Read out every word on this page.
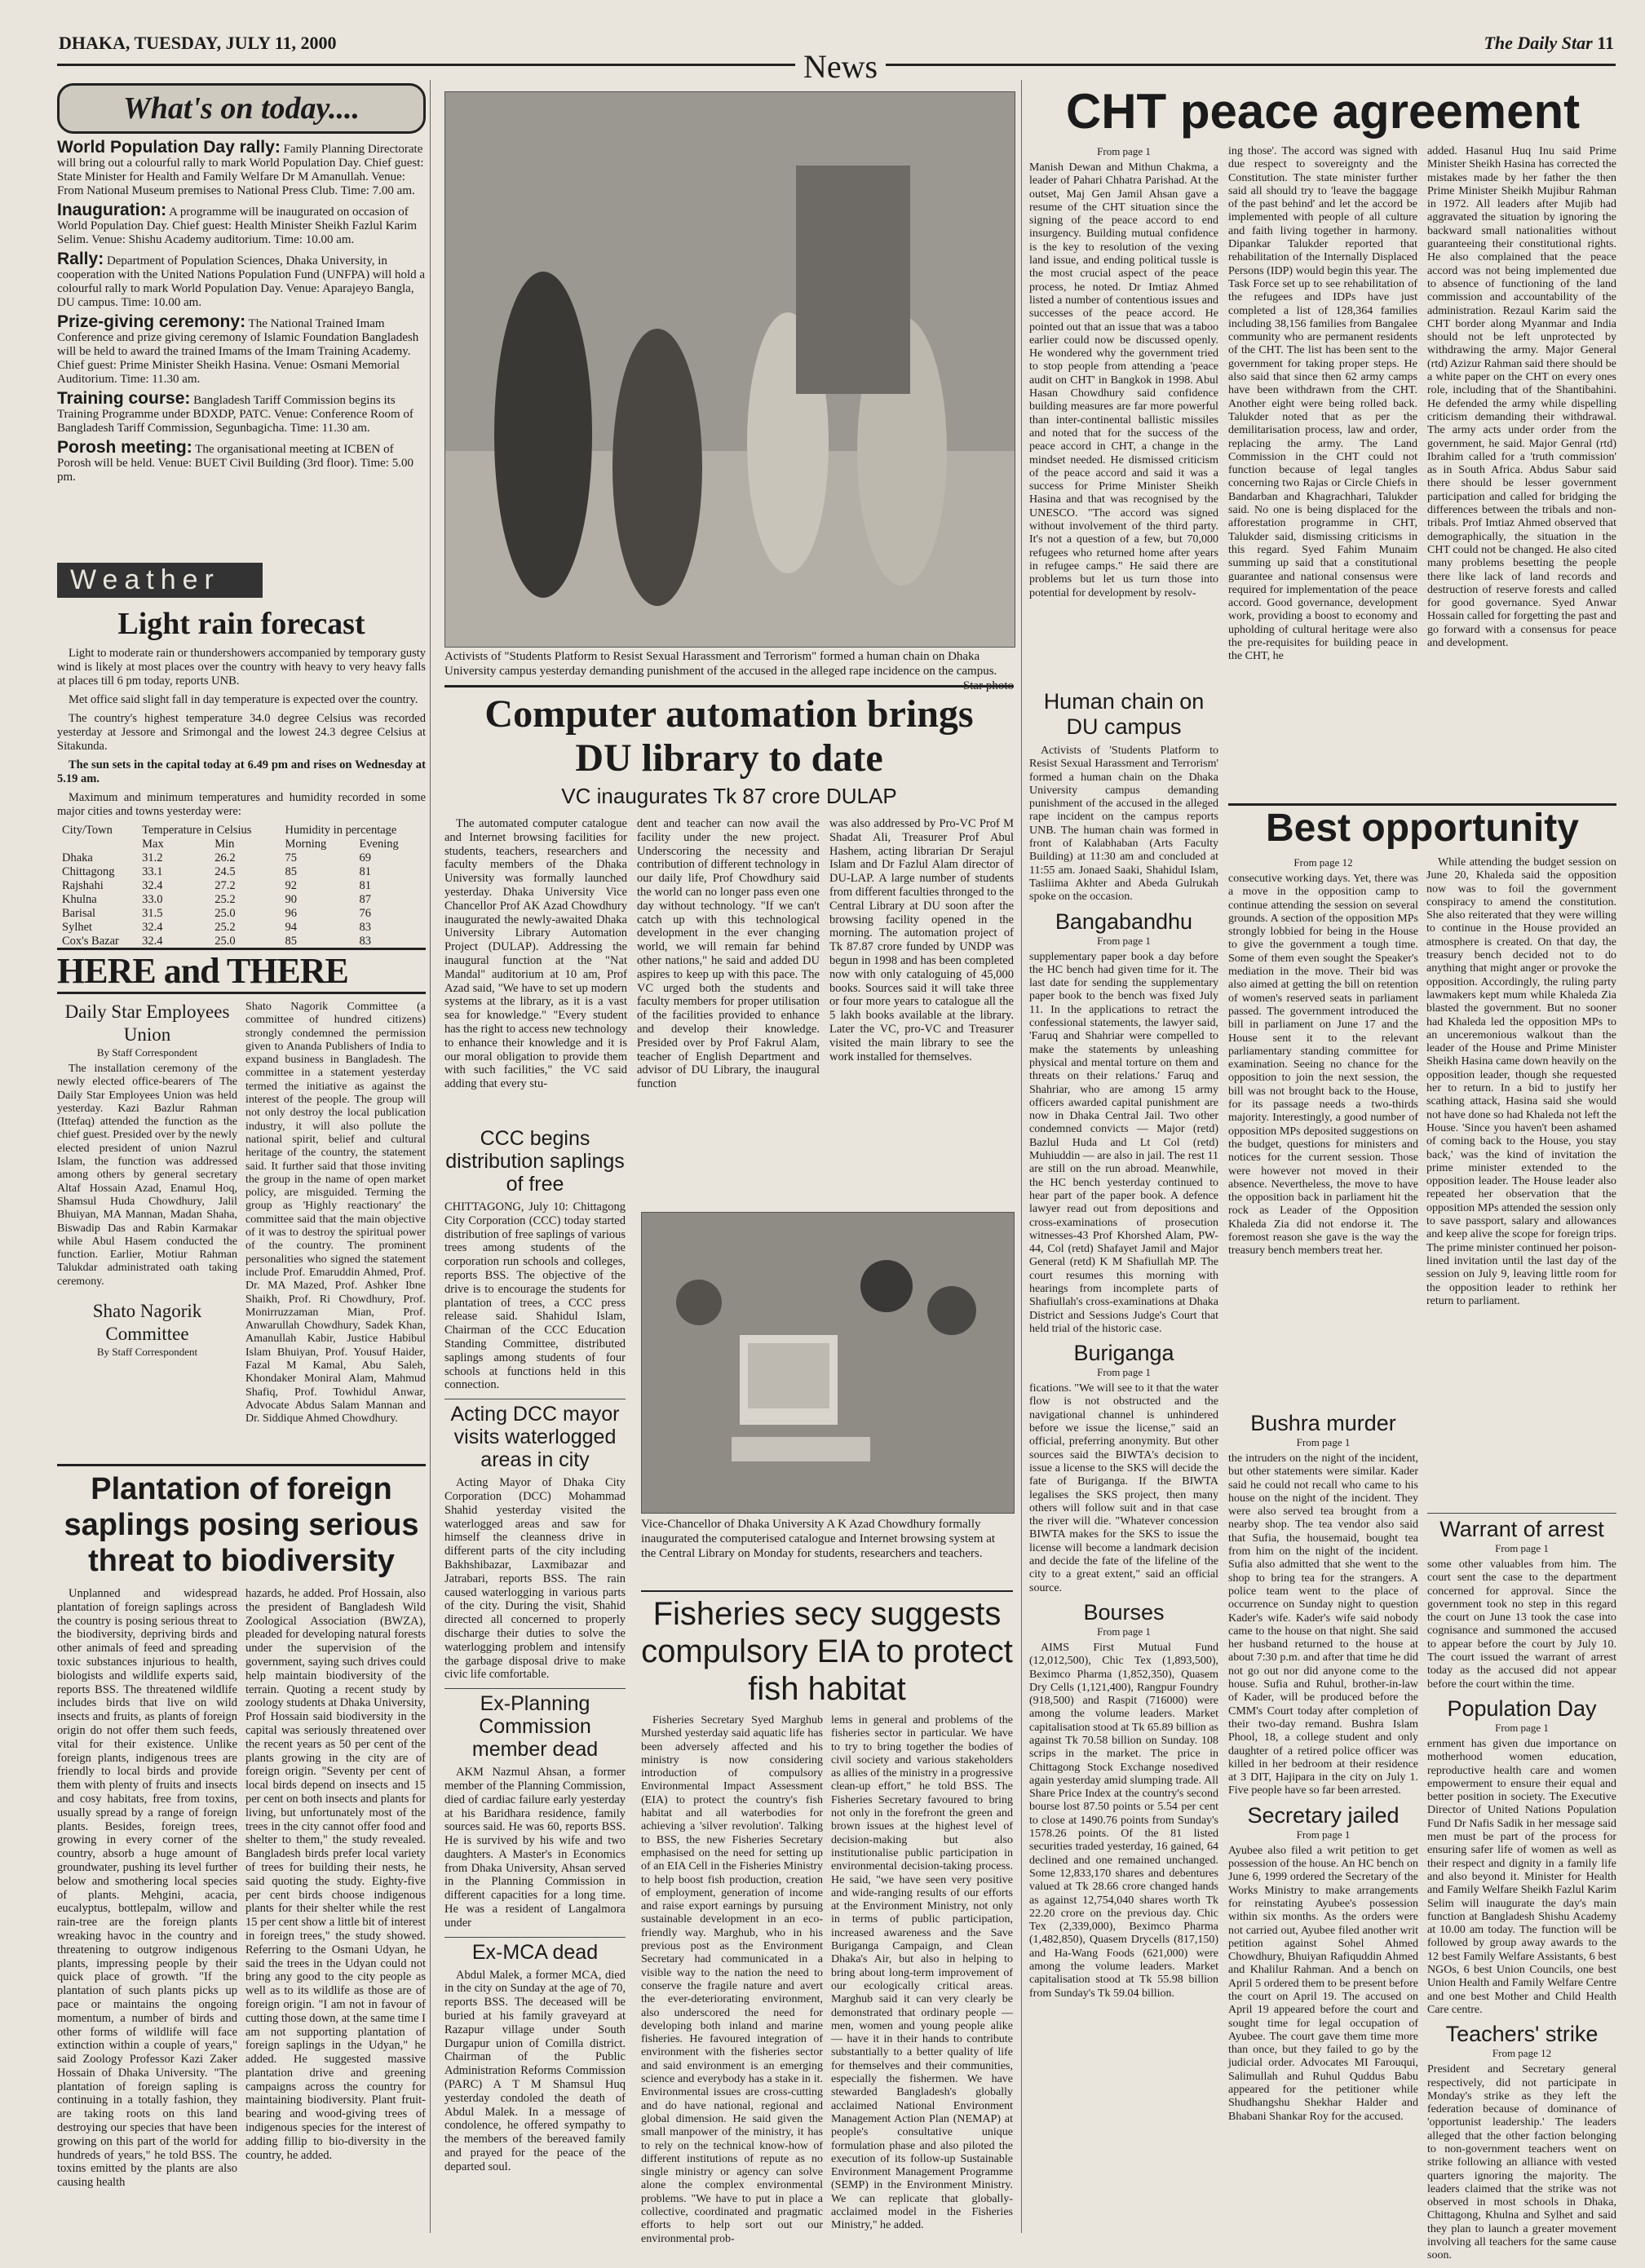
DHAKA, TUESDAY, JULY 11, 2000
News
The Daily Star 11
What's on today....
World Population Day rally: Family Planning Directorate will bring out a colourful rally to mark World Population Day. Chief guest: State Minister for Health and Family Welfare Dr M Amanullah. Venue: From National Museum premises to National Press Club. Time: 7.00 am.
Inauguration: A programme will be inaugurated on occasion of World Population Day. Chief guest: Health Minister Sheikh Fazlul Karim Selim. Venue: Shishu Academy auditorium. Time: 10.00 am.
Rally: Department of Population Sciences, Dhaka University, in cooperation with the United Nations Population Fund (UNFPA) will hold a colourful rally to mark World Population Day. Venue: Aparajeyo Bangla, DU campus. Time: 10.00 am.
Prize-giving ceremony: The National Trained Imam Conference and prize giving ceremony of Islamic Foundation Bangladesh will be held to award the trained Imams of the Imam Training Academy. Chief guest: Prime Minister Sheikh Hasina. Venue: Osmani Memorial Auditorium. Time: 11.30 am.
Training course: Bangladesh Tariff Commission begins its Training Programme under BDXDP, PATC. Venue: Conference Room of Bangladesh Tariff Commission, Segunbagicha. Time: 11.30 am.
Porosh meeting: The organisational meeting at ICBEN of Porosh will be held. Venue: BUET Civil Building (3rd floor). Time: 5.00 pm.
Weather
Light rain forecast

Light to moderate rain or thundershowers accompanied by temporary gusty wind is likely at most places over the country with heavy to very heavy falls at places till 6 pm today, reports UNB.

Met office said slight fall in day temperature is expected over the country.

The country's highest temperature 34.0 degree Celsius was recorded yesterday at Jessore and Srimongal and the lowest 24.3 degree Celsius at Sitakunda.

The sun sets in the capital today at 6.49 pm and rises on Wednesday at 5.19 am.

Maximum and minimum temperatures and humidity recorded in some major cities and towns yesterday were:

City/Town	Temperature in Celsius		Humidity in percentage	
	Max	Min	Morning	Evening
Dhaka	31.2	26.2	75	69
Chittagong	33.1	24.5	85	81
Rajshahi	32.4	27.2	92	81
Khulna	33.0	25.2	90	87
Barisal	31.5	25.0	96	76
Sylhet	32.4	25.2	94	83
Cox's Bazar	32.4	25.0	85	83
HERE and THERE
Daily Star Employees Union
By Staff Correspondent

The installation ceremony of the newly elected office-bearers of The Daily Star Employees Union was held yesterday. Kazi Bazlur Rahman (Ittefaq) attended the function as the chief guest. Presided over by the newly elected president of union Nazrul Islam, the function was addressed among others by general secretary Altaf Hossain Azad, Enamul Hoq, Shamsul Huda Chowdhury, Jalil Bhuiyan, MA Mannan, Madan Shaha, Biswadip Das and Rabin Karmakar while Abul Hasem conducted the function. Earlier, Motiur Rahman Talukdar administrated oath taking ceremony.

Shato Nagorik Committee
By Staff Correspondent

Shato Nagorik Committee (a committee of hundred citizens) strongly condemned the permission given to Ananda Publishers of India to expand business in Bangladesh. The committee in a statement yesterday termed the initiative as against the interest of the people. The group will not only destroy the local publication industry, it will also pollute the national spirit, belief and cultural heritage of the country, the statement said. It further said that those inviting the group in the name of open market policy, are misguided. Terming the group as 'Highly reactionary' the committee said that the main objective of it was to destroy the spiritual power of the country. The prominent personalities who signed the statement include Prof. Emaruddin Ahmed, Prof. Dr. MA Mazed, Prof. Ashker Ibne Shaikh, Prof. Ri Chowdhury, Prof. Monirruzzaman Mian, Prof. Anwarullah Chowdhury, Sadek Khan, Amanullah Kabir, Justice Habibul Islam Bhuiyan, Prof. Yousuf Haider, Fazal M Kamal, Abu Saleh, Khondaker Moniral Alam, Mahmud Shafiq, Prof. Towhidul Anwar, Advocate Abdus Salam Mannan and Dr. Siddique Ahmed Chowdhury.

Plantation of foreign saplings posing serious threat to biodiversity

Unplanned and widespread plantation of foreign saplings across the country is posing serious threat to the biodiversity, depriving birds and other animals of feed and spreading toxic substances injurious to health, biologists and wildlife experts said, reports BSS. The threatened wildlife includes birds that live on wild insects and fruits, as plants of foreign origin do not offer them such feeds, vital for their existence. Unlike foreign plants, indigenous trees are friendly to local birds and provide them with plenty of fruits and insects and cosy habitats, free from toxins, usually spread by a range of foreign plants. Besides, foreign trees, growing in every corner of the country, absorb a huge amount of groundwater, pushing its level further below and smothering local species of plants. Mehgini, acacia, eucalyptus, bottlepalm, willow and rain-tree are the foreign plants wreaking havoc in the country and threatening to outgrow indigenous plants, impressing people by their quick place of growth. "If the plantation of such plants picks up pace or maintains the ongoing momentum, a number of birds and other forms of wildlife will face extinction within a couple of years," said Zoology Professor Kazi Zaker Hossain of Dhaka University. "The plantation of foreign sapling is continuing in a totally fashion, they are taking roots on this land destroying our species that have been growing on this part of the world for hundreds of years," he told BSS. The toxins emitted by the plants are also causing health

hazards, he added. Prof Hossain, also the president of Bangladesh Wild Zoological Association (BWZA), pleaded for developing natural forests under the supervision of the government, saying such drives could help maintain biodiversity of the terrain. Quoting a recent study by zoology students at Dhaka University, Prof Hossain said biodiversity in the capital was seriously threatened over the recent years as 50 per cent of the plants growing in the city are of foreign origin. "Seventy per cent of local birds depend on insects and 15 per cent on both insects and plants for living, but unfortunately most of the trees in the city cannot offer food and shelter to them," the study revealed. Bangladesh birds prefer local variety of trees for building their nests, he said quoting the study. Eighty-five per cent birds choose indigenous plants for their shelter while the rest 15 per cent show a little bit of interest in foreign trees," the study showed. Referring to the Osmani Udyan, he said the trees in the Udyan could not bring any good to the city people as well as to its wildlife as those are of foreign origin. "I am not in favour of cutting those down, at the same time I am not supporting plantation of foreign saplings in the Udyan," he added. He suggested massive plantation drive and greening campaigns across the country for maintaining biodiversity. Plant fruit-bearing and wood-giving trees of indigenous species for the interest of adding fillip to bio-diversity in the country, he added.

Activists of "Students Platform to Resist Sexual Harassment and Terrorism" formed a human chain on Dhaka University campus yesterday demanding punishment of the accused in the alleged rape incidence on the campus.
—Star photo
Computer automation brings DU library to date
VC inaugurates Tk 87 crore DULAP

The automated computer catalogue and Internet browsing facilities for students, teachers, researchers and faculty members of the Dhaka University was formally launched yesterday. Dhaka University Vice Chancellor Prof AK Azad Chowdhury inaugurated the newly-awaited Dhaka University Library Automation Project (DULAP). Addressing the inaugural function at the "Nat Mandal" auditorium at 10 am, Prof Azad said, "We have to set up modern systems at the library, as it is a vast sea for knowledge." "Every student has the right to access new technology to enhance their knowledge and it is our moral obligation to provide them with such facilities," the VC said adding that every stu-

dent and teacher can now avail the facility under the new project. Underscoring the necessity and contribution of different technology in our daily life, Prof Chowdhury said the world can no longer pass even one day without technology. "If we can't catch up with this technological development in the ever changing world, we will remain far behind other nations," he said and added DU aspires to keep up with this pace. The VC urged both the students and faculty members for proper utilisation of the facilities provided to enhance and develop their knowledge. Presided over by Prof Fakrul Alam, teacher of English Department and advisor of DU Library, the inaugural function

was also addressed by Pro-VC Prof M Shadat Ali, Treasurer Prof Abul Hashem, acting librarian Dr Serajul Islam and Dr Fazlul Alam director of DU-LAP. A large number of students from different faculties thronged to the Central Library at DU soon after the browsing facility opened in the morning. The automation project of Tk 87.87 crore funded by UNDP was begun in 1998 and has been completed now with only cataloguing of 45,000 books. Sources said it will take three or four more years to catalogue all the 5 lakh books available at the library. Later the VC, pro-VC and Treasurer visited the main library to see the work installed for themselves.

CCC begins distribution saplings of free

CHITTAGONG, July 10: Chittagong City Corporation (CCC) today started distribution of free saplings of various trees among students of the corporation run schools and colleges, reports BSS. The objective of the drive is to encourage the students for plantation of trees, a CCC press release said. Shahidul Islam, Chairman of the CCC Education Standing Committee, distributed saplings among students of four schools at functions held in this connection.

Acting DCC mayor visits waterlogged areas in city

Acting Mayor of Dhaka City Corporation (DCC) Mohammad Shahid yesterday visited the waterlogged areas and saw for himself the cleanness drive in different parts of the city including Bakhshibazar, Laxmibazar and Jatrabari, reports BSS. The rain caused waterlogging in various parts of the city. During the visit, Shahid directed all concerned to properly discharge their duties to solve the waterlogging problem and intensify the garbage disposal drive to make civic life comfortable.

Ex-Planning Commission member dead

AKM Nazmul Ahsan, a former member of the Planning Commission, died of cardiac failure early yesterday at his Baridhara residence, family sources said. He was 60, reports BSS. He is survived by his wife and two daughters. A Master's in Economics from Dhaka University, Ahsan served in the Planning Commission in different capacities for a long time. He was a resident of Langalmora under

Ex-MCA dead

Abdul Malek, a former MCA, died in the city on Sunday at the age of 70, reports BSS. The deceased will be buried at his family graveyard at Razapur village under South Durgapur union of Comilla district. Chairman of the Public Administration Reforms Commission (PARC) A T M Shamsul Huq yesterday condoled the death of Abdul Malek. In a message of condolence, he offered sympathy to the members of the bereaved family and prayed for the peace of the departed soul.

Vice-Chancellor of Dhaka University A K Azad Chowdhury formally inaugurated the computerised catalogue and Internet browsing system at the Central Library on Monday for students, researchers and teachers.
Fisheries secy suggests compulsory EIA to protect fish habitat

Fisheries Secretary Syed Marghub Murshed yesterday said aquatic life has been adversely affected and his ministry is now considering introduction of compulsory Environmental Impact Assessment (EIA) to protect the country's fish habitat and all waterbodies for achieving a 'silver revolution'. Talking to BSS, the new Fisheries Secretary emphasised on the need for setting up of an EIA Cell in the Fisheries Ministry to help boost fish production, creation of employment, generation of income and raise export earnings by pursuing sustainable development in an eco-friendly way. Marghub, who in his previous post as the Environment Secretary had communicated in a visible way to the nation the need to conserve the fragile nature and avert the ever-deteriorating environment, also underscored the need for developing both inland and marine fisheries. He favoured integration of environment with the fisheries sector and said environment is an emerging science and everybody has a stake in it. Environmental issues are cross-cutting and do have national, regional and global dimension. He said given the small manpower of the ministry, it has to rely on the technical know-how of different institutions of repute as no single ministry or agency can solve alone the complex environmental problems. "We have to put in place a collective, coordinated and pragmatic efforts to help sort out our environmental prob-

lems in general and problems of the fisheries sector in particular. We have to try to bring together the bodies of civil society and various stakeholders as allies of the ministry in a progressive clean-up effort," he told BSS. The Fisheries Secretary favoured to bring not only in the forefront the green and brown issues at the highest level of decision-making but also institutionalise public participation in environmental decision-taking process. He said, "we have seen very positive and wide-ranging results of our efforts at the Environment Ministry, not only in terms of public participation, increased awareness and the Save Buriganga Campaign, and Clean Dhaka's Air, but also in helping to bring about long-term improvement of our ecologically critical areas. Marghub said it can very clearly be demonstrated that ordinary people — men, women and young people alike — have it in their hands to contribute substantially to a better quality of life for themselves and their communities, especially the fishermen. We have stewarded Bangladesh's globally acclaimed National Environment Management Action Plan (NEMAP) at people's consultative unique formulation phase and also piloted the execution of its follow-up Sustainable Environment Management Programme (SEMP) in the Environment Ministry. We can replicate that globally-acclaimed model in the Fisheries Ministry," he added.

CHT peace agreement
From page 1

Manish Dewan and Mithun Chakma, a leader of Pahari Chhatra Parishad. At the outset, Maj Gen Jamil Ahsan gave a resume of the CHT situation since the signing of the peace accord to end insurgency. Building mutual confidence is the key to resolution of the vexing land issue, and ending political tussle is the most crucial aspect of the peace process, he noted. Dr Imtiaz Ahmed listed a number of contentious issues and successes of the peace accord. He pointed out that an issue that was a taboo earlier could now be discussed openly. He wondered why the government tried to stop people from attending a 'peace audit on CHT' in Bangkok in 1998. Abul Hasan Chowdhury said confidence building measures are far more powerful than inter-continental ballistic missiles and noted that for the success of the peace accord in CHT, a change in the mindset needed. He dismissed criticism of the peace accord and said it was a success for Prime Minister Sheikh Hasina and that was recognised by the UNESCO. "The accord was signed without involvement of the third party. It's not a question of a few, but 70,000 refugees who returned home after years in refugee camps." He said there are problems but let us turn those into potential for development by resolv-

ing those'. The accord was signed with due respect to sovereignty and the Constitution. The state minister further said all should try to 'leave the baggage of the past behind' and let the accord be implemented with people of all culture and faith living together in harmony. Dipankar Talukder reported that rehabilitation of the Internally Displaced Persons (IDP) would begin this year. The Task Force set up to see rehabilitation of the refugees and IDPs have just completed a list of 128,364 families including 38,156 families from Bangalee community who are permanent residents of the CHT. The list has been sent to the government for taking proper steps. He also said that since then 62 army camps have been withdrawn from the CHT. Another eight were being rolled back. Talukder noted that as per the demilitarisation process, law and order, replacing the army. The Land Commission in the CHT could not function because of legal tangles concerning two Rajas or Circle Chiefs in Bandarban and Khagrachhari, Talukder said. No one is being displaced for the afforestation programme in CHT, Talukder said, dismissing criticisms in this regard. Syed Fahim Munaim summing up said that a constitutional guarantee and national consensus were required for implementation of the peace accord. Good governance, development work, providing a boost to economy and upholding of cultural heritage were also the pre-requisites for building peace in the CHT, he

added. Hasanul Huq Inu said Prime Minister Sheikh Hasina has corrected the mistakes made by her father the then Prime Minister Sheikh Mujibur Rahman in 1972. All leaders after Mujib had aggravated the situation by ignoring the backward small nationalities without guaranteeing their constitutional rights. He also complained that the peace accord was not being implemented due to absence of functioning of the land commission and accountability of the administration. Rezaul Karim said the CHT border along Myanmar and India should not be left unprotected by withdrawing the army. Major General (rtd) Azizur Rahman said there should be a white paper on the CHT on every ones role, including that of the Shantibahini. He defended the army while dispelling criticism demanding their withdrawal. The army acts under order from the government, he said. Major Genral (rtd) Ibrahim called for a 'truth commission' as in South Africa. Abdus Sabur said there should be lesser government participation and called for bridging the differences between the tribals and non-tribals. Prof Imtiaz Ahmed observed that demographically, the situation in the CHT could not be changed. He also cited many problems besetting the people there like lack of land records and destruction of reserve forests and called for good governance. Syed Anwar Hossain called for forgetting the past and go forward with a consensus for peace and development.

Human chain on DU campus

Activists of 'Students Platform to Resist Sexual Harassment and Terrorism' formed a human chain on the Dhaka University campus demanding punishment of the accused in the alleged rape incident on the campus reports UNB. The human chain was formed in front of Kalabhaban (Arts Faculty Building) at 11:30 am and concluded at 11:55 am. Jonaed Saaki, Shahidul Islam, Tasliima Akhter and Abeda Gulrukah spoke on the occasion.

Bangabandhu
From page 1

supplementary paper book a day before the HC bench had given time for it. The last date for sending the supplementary paper book to the bench was fixed July 11. In the applications to retract the confessional statements, the lawyer said, 'Faruq and Shahriar were compelled to make the statements by unleashing physical and mental torture on them and threats on their relations.' Faruq and Shahriar, who are among 15 army officers awarded capital punishment are now in Dhaka Central Jail. Two other condemned convicts — Major (retd) Bazlul Huda and Lt Col (retd) Muhiuddin — are also in jail. The rest 11 are still on the run abroad. Meanwhile, the HC bench yesterday continued to hear part of the paper book. A defence lawyer read out from depositions and cross-examinations of prosecution witnesses-43 Prof Khorshed Alam, PW-44, Col (retd) Shafayet Jamil and Major General (retd) K M Shafiullah MP. The court resumes this morning with hearings from incomplete parts of Shafiullah's cross-examinations at Dhaka District and Sessions Judge's Court that held trial of the historic case.

Buriganga
From page 1

fications. "We will see to it that the water flow is not obstructed and the navigational channel is unhindered before we issue the license," said an official, preferring anonymity. But other sources said the BIWTA's decision to issue a license to the SKS will decide the fate of Buriganga. If the BIWTA legalises the SKS project, then many others will follow suit and in that case the river will die. "Whatever concession BIWTA makes for the SKS to issue the license will become a landmark decision and decide the fate of the lifeline of the city to a great extent," said an official source.

Bourses
From page 1

AIMS First Mutual Fund (12,012,500), Chic Tex (1,893,500), Beximco Pharma (1,852,350), Quasem Dry Cells (1,121,400), Rangpur Foundry (918,500) and Raspit (716000) were among the volume leaders. Market capitalisation stood at Tk 65.89 billion as against Tk 70.58 billion on Sunday. 108 scrips in the market. The price in Chittagong Stock Exchange nosedived again yesterday amid slumping trade. All Share Price Index at the country's second bourse lost 87.50 points or 5.54 per cent to close at 1490.76 points from Sunday's 1578.26 points. Of the 81 listed securities traded yesterday, 16 gained, 64 declined and one remained unchanged. Some 12,833,170 shares and debentures valued at Tk 28.66 crore changed hands as against 12,754,040 shares worth Tk 22.20 crore on the previous day. Chic Tex (2,339,000), Beximco Pharma (1,482,850), Quasem Drycells (817,150) and Ha-Wang Foods (621,000) were among the volume leaders. Market capitalisation stood at Tk 55.98 billion from Sunday's Tk 59.04 billion.

Best opportunity
From page 12

consecutive working days. Yet, there was a move in the opposition camp to continue attending the session on several grounds. A section of the opposition MPs strongly lobbied for being in the House to give the government a tough time. Some of them even sought the Speaker's mediation in the move. Their bid was also aimed at getting the bill on retention of women's reserved seats in parliament passed. The government introduced the bill in parliament on June 17 and the House sent it to the relevant parliamentary standing committee for examination. Seeing no chance for the opposition to join the next session, the bill was not brought back to the House, for its passage needs a two-thirds majority. Interestingly, a good number of opposition MPs deposited suggestions on the budget, questions for ministers and notices for the current session. Those were however not moved in their absence. Nevertheless, the move to have the opposition back in parliament hit the rock as Leader of the Opposition Khaleda Zia did not endorse it. The foremost reason she gave is the way the treasury bench members treat her.

While attending the budget session on June 20, Khaleda said the opposition now was to foil the government conspiracy to amend the constitution. She also reiterated that they were willing to continue in the House provided an atmosphere is created. On that day, the treasury bench decided not to do anything that might anger or provoke the opposition. Accordingly, the ruling party lawmakers kept mum while Khaleda Zia blasted the government. But no sooner had Khaleda led the opposition MPs to an unceremonious walkout than the leader of the House and Prime Minister Sheikh Hasina came down heavily on the opposition leader, though she requested her to return. In a bid to justify her scathing attack, Hasina said she would not have done so had Khaleda not left the House. 'Since you haven't been ashamed of coming back to the House, you stay back,' was the kind of invitation the prime minister extended to the opposition leader. The House leader also repeated her observation that the opposition MPs attended the session only to save passport, salary and allowances and keep alive the scope for foreign trips. The prime minister continued her poison-lined invitation until the last day of the session on July 9, leaving little room for the opposition leader to rethink her return to parliament.

Bushra murder
From page 1

the intruders on the night of the incident, but other statements were similar. Kader said he could not recall who came to his house on the night of the incident. They were also served tea brought from a nearby shop. The tea vendor also said that Sufia, the housemaid, bought tea from him on the night of the incident. Sufia also admitted that she went to the shop to bring tea for the strangers. A police team went to the place of occurrence on Sunday night to question Kader's wife. Kader's wife said nobody came to the house on that night. She said her husband returned to the house at about 7:30 p.m. and after that time he did not go out nor did anyone come to the house. Sufia and Ruhul, brother-in-law of Kader, will be produced before the CMM's Court today after completion of their two-day remand. Bushra Islam Phool, 18, a college student and only daughter of a retired police officer was killed in her bedroom at their residence at 3 DIT, Hajipara in the city on July 1. Five people have so far been arrested.

Secretary jailed
From page 1

Ayubee also filed a writ petition to get possession of the house. An HC bench on June 6, 1999 ordered the Secretary of the Works Ministry to make arrangements for reinstating Ayubee's possession within six months. As the orders were not carried out, Ayubee filed another writ petition against Sohel Ahmed Chowdhury, Bhuiyan Rafiquddin Ahmed and Khalilur Rahman. And a bench on April 5 ordered them to be present before the court on April 19. The accused on April 19 appeared before the court and sought time for legal occupation of Ayubee. The court gave them time more than once, but they failed to go by the judicial order. Advocates MI Farouqui, Salimullah and Ruhul Quddus Babu appeared for the petitioner while Shudhangshu Shekhar Halder and Bhabani Shankar Roy for the accused.

Warrant of arrest
From page 1

some other valuables from him. The court sent the case to the department concerned for approval. Since the government took no step in this regard the court on June 13 took the case into cognisance and summoned the accused to appear before the court by July 10. The court issued the warrant of arrest today as the accused did not appear before the court within the time.

Population Day
From page 1

ernment has given due importance on motherhood women education, reproductive health care and women empowerment to ensure their equal and better position in society. The Executive Director of United Nations Population Fund Dr Nafis Sadik in her message said men must be part of the process for ensuring safer life of women as well as their respect and dignity in a family life and also beyond it. Minister for Health and Family Welfare Sheikh Fazlul Karim Selim will inaugurate the day's main function at Bangladesh Shishu Academy at 10.00 am today. The function will be followed by group away awards to the 12 best Family Welfare Assistants, 6 best NGOs, 6 best Union Councils, one best Union Health and Family Welfare Centre and one best Mother and Child Health Care centre.

Teachers' strike
From page 12

President and Secretary general respectively, did not participate in Monday's strike as they left the federation because of dominance of 'opportunist leadership.' The leaders alleged that the other faction belonging to non-government teachers went on strike following an alliance with vested quarters ignoring the majority. The leaders claimed that the strike was not observed in most schools in Dhaka, Chittagong, Khulna and Sylhet and said they plan to launch a greater movement involving all teachers for the same cause soon.
